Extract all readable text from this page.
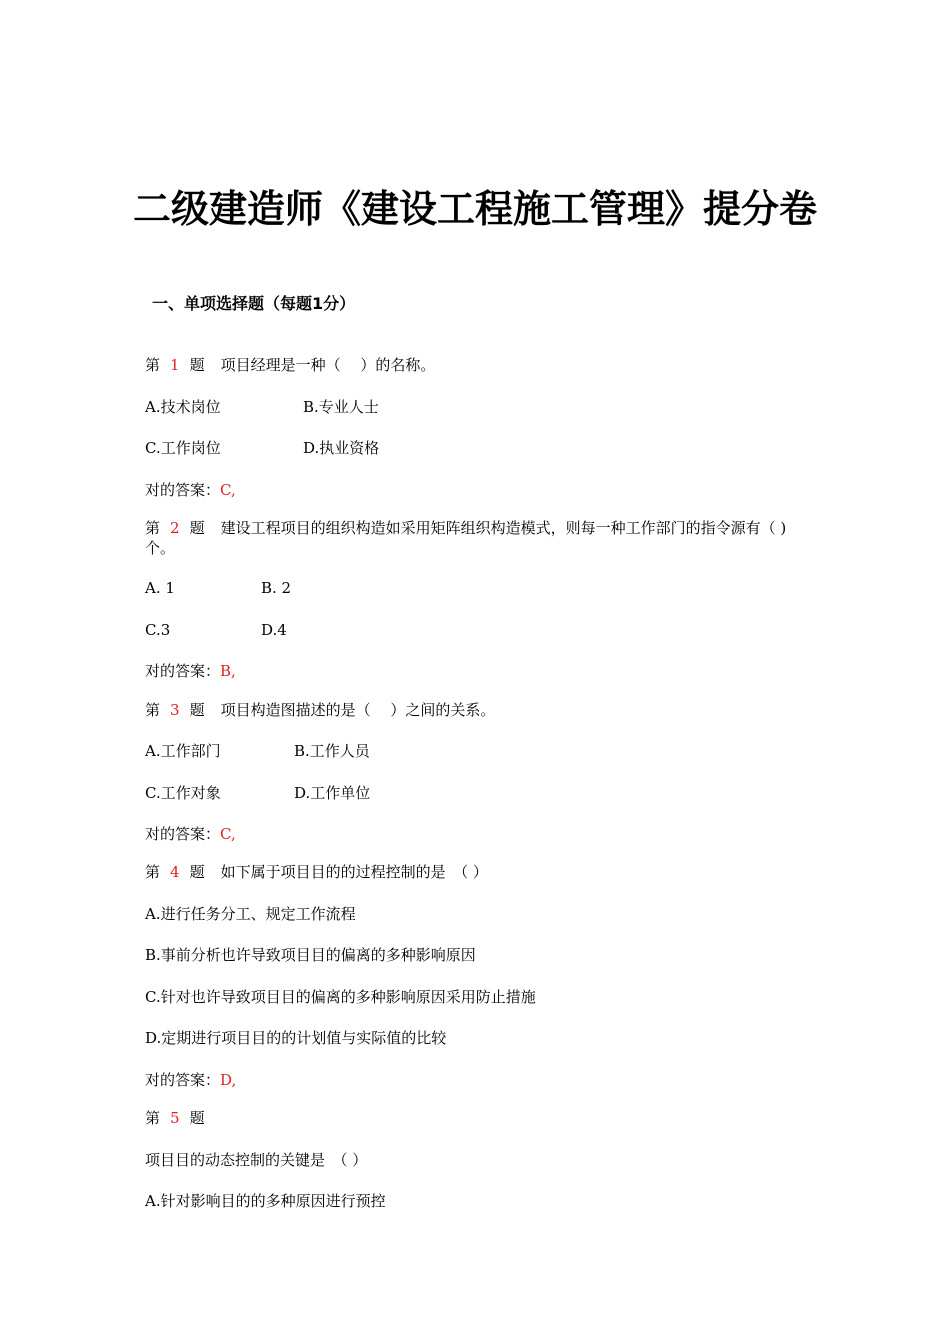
二级建造师《建设工程施工管理》提分卷
一、单项选择题（每题1分）
第 1 题 项目经理是一种（　 ）的名称。
A.技术岗位	B.专业人士
C.工作岗位	D.执业资格
对的答案：C,
第 2 题 建设工程项目的组织构造如采用矩阵组织构造模式，则每一种工作部门的指令源有（ )个。
A. 1	B. 2
C.3	D.4
对的答案：B,
第 3 题 项目构造图描述的是（　 ）之间的关系。
A.工作部门	B.工作人员
C.工作对象	D.工作单位
对的答案：C,
第 4 题 如下属于项目目的的过程控制的是　（ ）
A.进行任务分工、规定工作流程
B.事前分析也许导致项目目的偏离的多种影响原因
C.针对也许导致项目目的偏离的多种影响原因采用防止措施
D.定期进行项目目的的计划值与实际值的比较
对的答案：D,
第 5 题
项目目的动态控制的关键是　（ ）
A.针对影响目的的多种原因进行预控
